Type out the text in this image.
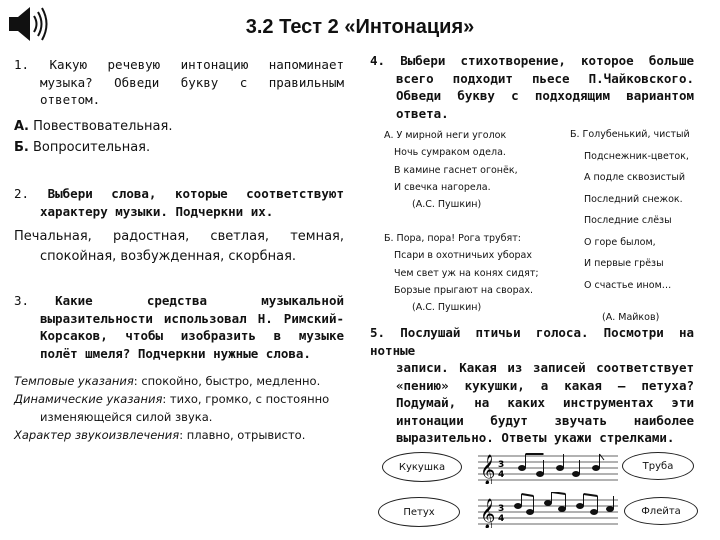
3.2 Тест 2 «Интонация»
1. Какую речевую интонацию напоминает
музыка? Обведи букву с правильным
ответом.
А. Повествовательная.
Б. Вопросительная.
2. Выбери слова, которые соответствуют
характеру музыки. Подчеркни их.
Печальная, радостная, светлая, темная,
спокойная, возбужденная, скорбная.
3. Какие средства музыкальной
выразительности использовал Н. Римский-
Корсаков, чтобы изобразить в музыке
полёт шмеля? Подчеркни нужные слова.
Темповые указания: спокойно, быстро, медленно.
Динамические указания: тихо, громко, с постоянно
изменяющейся силой звука.
Характер звукоизвлечения: плавно, отрывисто.
4. Выбери стихотворение, которое больше
всего подходит пьесе П.Чайковского.
Обведи букву с подходящим вариантом
ответа.
А. У мирной неги уголок
Ночь сумраком одела.
В камине гаснет огонёк,
И свечка нагорела.
(А.С. Пушкин)
Б. Пора, пора! Рога трубят:
Псари в охотничьих уборах
Чем свет уж на конях сидят;
Борзые прыгают на сворах.
(А.С. Пушкин)
Б. Голубенький, чистый
Подснежник-цветок,
А подле сквозистый
Последний снежок.
Последние слёзы
О горе былом,
И первые грёзы
О счастье ином…
(А. Майков)
5. Послушай птичьи голоса. Посмотри на нотные
записи. Какая из записей соответствует
«пению» кукушки, а какая – петуха?
Подумай, на каких инструментах эти
интонации будут звучать наиболее
выразительно. Ответы укажи стрелками.
Кукушка
Петух
Труба
Флейта
𝄞 3
4
𝄞 3
4
